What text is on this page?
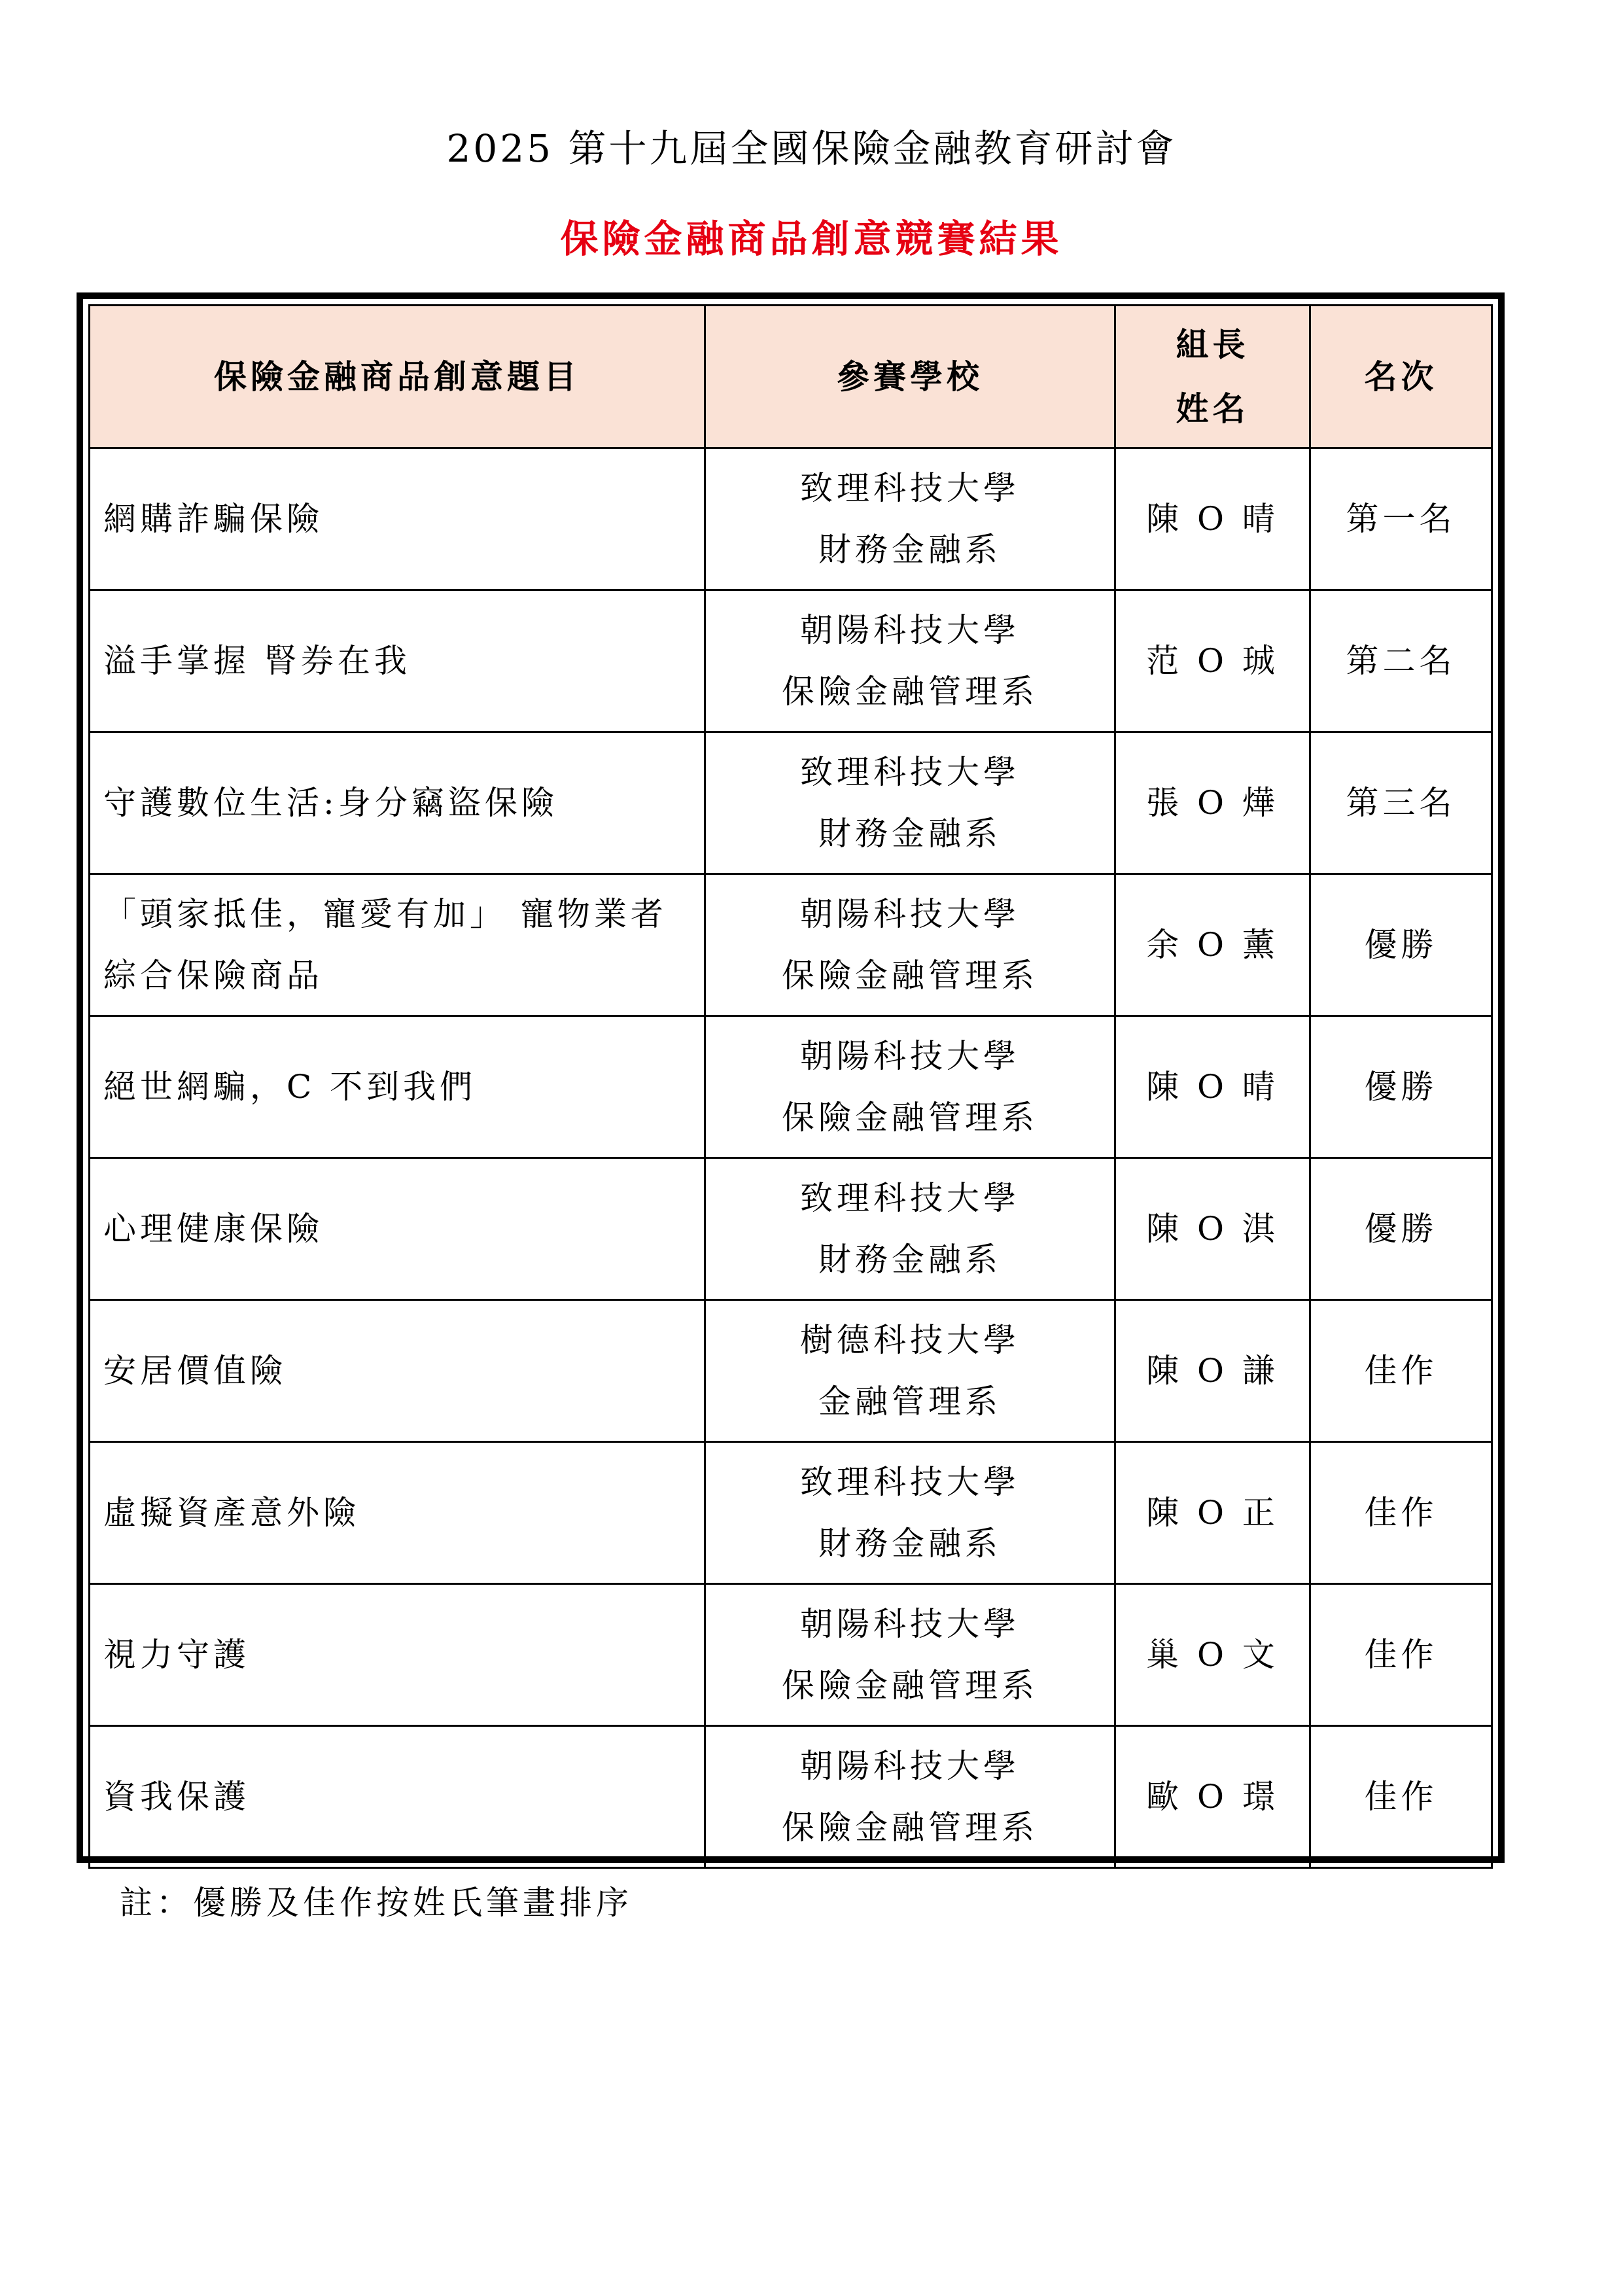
2025 第十九屆全國保險金融教育研討會
保險金融商品創意競賽結果
保險金融商品創意題目	參賽學校	組長
姓名	名次
網購詐騙保險	致理科技大學
財務金融系	陳 O 晴	第一名
溢手掌握 腎券在我	朝陽科技大學
保險金融管理系	范 O 珹	第二名
守護數位生活:身分竊盜保險	致理科技大學
財務金融系	張 O 燁	第三名
「頭家抵佳，寵愛有加」 寵物業者綜合保險商品	朝陽科技大學
保險金融管理系	余 O 薰	優勝
絕世網騙，C 不到我們	朝陽科技大學
保險金融管理系	陳 O 晴	優勝
心理健康保險	致理科技大學
財務金融系	陳 O 淇	優勝
安居價值險	樹德科技大學
金融管理系	陳 O 謙	佳作
虛擬資產意外險	致理科技大學
財務金融系	陳 O 正	佳作
視力守護	朝陽科技大學
保險金融管理系	巢 O 文	佳作
資我保護	朝陽科技大學
保險金融管理系	歐 O 璟	佳作
註：優勝及佳作按姓氏筆畫排序
